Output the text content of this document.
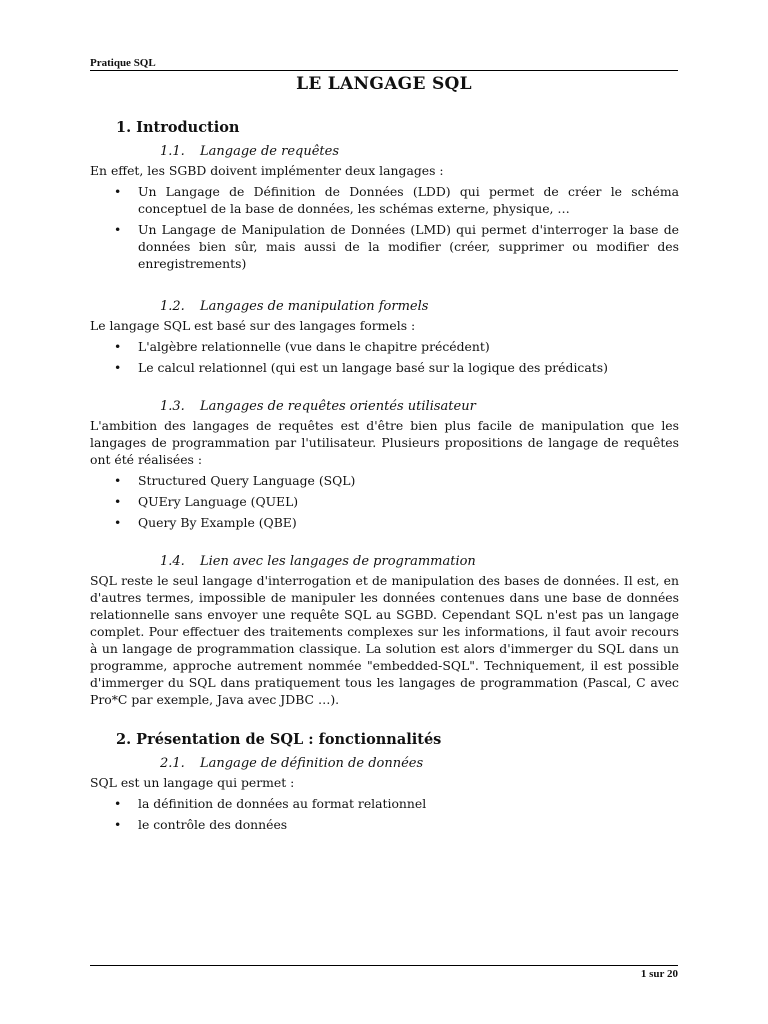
Pratique SQL
LE LANGAGE SQL
1. Introduction
1.1. Langage de requêtes

En effet, les SGBD doivent implémenter deux langages :

• Un Langage de Définition de Données (LDD) qui permet de créer le schéma conceptuel de la base de données, les schémas externe, physique, …
• Un Langage de Manipulation de Données (LMD) qui permet d'interroger la base de données bien sûr, mais aussi de la modifier (créer, supprimer ou modifier des enregistrements)
1.2. Langages de manipulation formels

Le langage SQL est basé sur des langages formels :

• L'algèbre relationnelle (vue dans le chapitre précédent)
• Le calcul relationnel (qui est un langage basé sur la logique des prédicats)
1.3. Langages de requêtes orientés utilisateur

L'ambition des langages de requêtes est d'être bien plus facile de manipulation que les langages de programmation par l'utilisateur. Plusieurs propositions de langage de requêtes ont été réalisées :

• Structured Query Language (SQL)
• QUEry Language (QUEL)
• Query By Example (QBE)
1.4. Lien avec les langages de programmation

SQL reste le seul langage d'interrogation et de manipulation des bases de données. Il est, en d'autres termes, impossible de manipuler les données contenues dans une base de données relationnelle sans envoyer une requête SQL au SGBD. Cependant SQL n'est pas un langage complet. Pour effectuer des traitements complexes sur les informations, il faut avoir recours à un langage de programmation classique. La solution est alors d'immerger du SQL dans un programme, approche autrement nommée "embedded-SQL". Techniquement, il est possible d'immerger du SQL dans pratiquement tous les langages de programmation (Pascal, C avec Pro*C par exemple, Java avec JDBC …).

2. Présentation de SQL : fonctionnalités
2.1. Langage de définition de données

SQL est un langage qui permet :

• la définition de données au format relationnel
• le contrôle des données
1 sur 20
